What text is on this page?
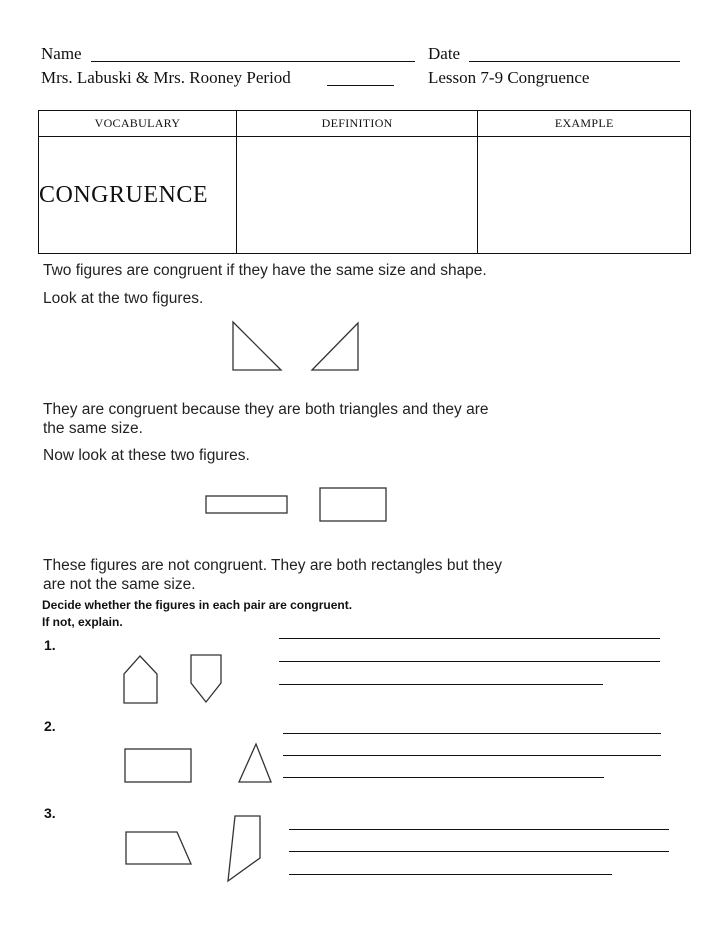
Name	Date
Mrs. Labuski & Mrs. Rooney Period	Lesson 7-9 Congruence
VOCABULARY	DEFINITION	EXAMPLE
CONGRUENCE		
Two figures are congruent if they have the same size and shape.
Look at the two figures.
They are congruent because they are both triangles and they are
the same size.
Now look at these two figures.
These figures are not congruent. They are both rectangles but they
are not the same size.
Decide whether the figures in each pair are congruent.
If not, explain.
1.
2.
3.
